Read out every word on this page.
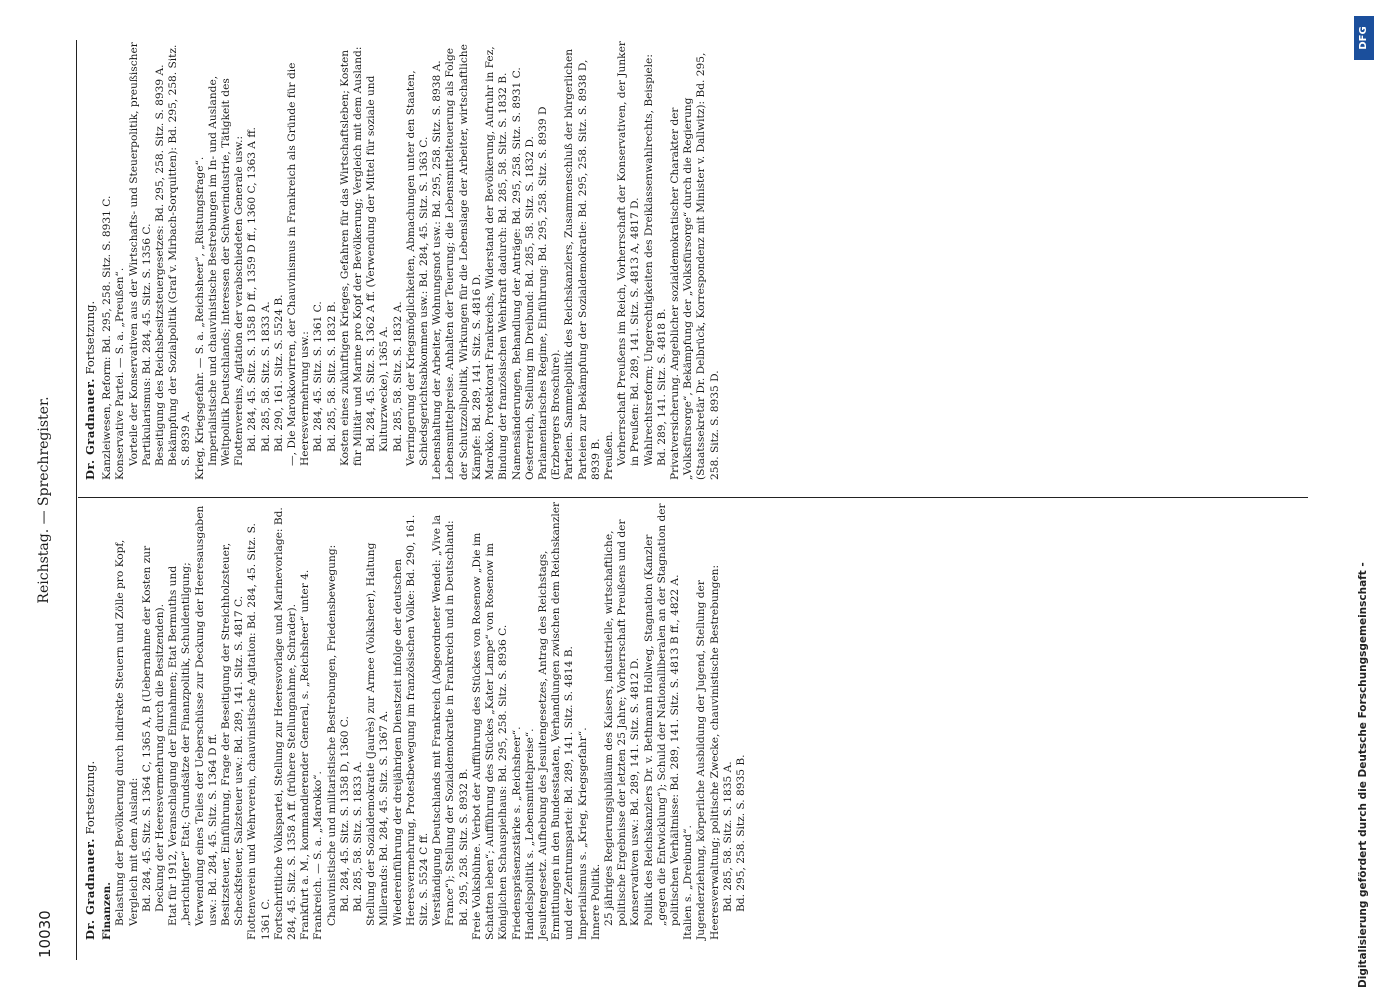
10030
Reichstag. — Sprechregister.
Dr. Gradnauer. Fortsetzung.

Finanzen. Belastung der Bevölkerung durch indirekte Steuern und Zölle pro Kopf, Vergleich mit dem Ausland: Bd. 284, 45. Sitz. S. 1364 C, 1365 A, B (Uebernahme der Kosten zur Deckung der Heeresvermehrung durch die Besitzenden). Etat für 1912, Veranschlagung der Einnahmen; Etat Bermuths und „berichtigter“ Etat; Grundsätze der Finanzpolitik, Schuldentilgung; Verwendung eines Teiles der Ueberschüsse zur Deckung der Heeresausgaben usw.: Bd. 284, 45. Sitz. S. 1364 D ff. Besitzsteuer, Einführung, Frage der Beseitigung der Streichholzsteuer, Scheckfsteuer, Salzsteuer usw.: Bd. 289, 141. Sitz. S. 4817 C. Flottenverein und Wehrverein, chauvinistische Agitation: Bd. 284, 45. Sitz. S. 1361 C. Fortschrittliche Volkspartei, Stellung zur Heeresvorlage und Marinevorlage: Bd. 284, 45. Sitz. S. 1358 A ff. (frühere Stellungnahme, Schrader). Frankfurt a. M., kommandierender General, s. „Reichsheer“ unter 4. Frankreich. — S. a. „Marokko“. Chauvinistische und militaristische Bestrebungen, Friedensbewegung: Bd. 284, 45. Sitz. S. 1358 D, 1360 C. Bd. 285, 58. Sitz. S. 1833 A. Stellung der Sozialdemokratie (Jaurès) zur Armee (Volksheer), Haltung Millerands: Bd. 284, 45. Sitz. S. 1367 A. Wiedereinführung der dreijährigen Dienstzeit infolge der deutschen Heeresvermehrung, Protestbewegung im französischen Volke: Bd. 290, 161. Sitz. S. 5524 C ff. Verständigung Deutschlands mit Frankreich (Abgeordneter Wendel: „Vive la France“); Stellung der Sozialdemokratie in Frankreich und in Deutschland: Bd. 295, 258. Sitz. S. 8932 B. Freie Volksbühne. Verbot der Aufführung des Stückes von Rosenow „Die im Schatten leben“; Aufführung des Stückes „Kater Lampe“ von Rosenow im Königlichen Schauspielhaus: Bd. 295, 258. Sitz. S. 8936 C. Friedenspräsenzstärke s. „Reichsheer“. Handelspolitik s. „Lebensmittelpreise“. Jesuitengesetz. Aufhebung des Jesuitengesetzes, Antrag des Reichstags, Ermittlungen in den Bundesstaaten, Verhandlungen zwischen dem Reichskanzler und der Zentrumspartei: Bd. 289, 141. Sitz. S. 4814 B. Imperialismus s. „Krieg, Kriegsgefahr“. Innere Politik. 25 jähriges Regierungsjubiläum des Kaisers, industrielle, wirtschaftliche, politische Ergebnisse der letzten 25 Jahre; Vorherrschaft Preußens und der Konservativen usw.: Bd. 289, 141. Sitz. S. 4812 D. Politik des Reichskanzlers Dr. v. Bethmann Hollweg, Stagnation (Kanzler „gegen die Entwicklung“); Schuld der Nationalliberalen an der Stagnation der politischen Verhältnisse: Bd. 289, 141. Sitz. S. 4813 B ff., 4822 A. Italien s. „Dreibund“. Jugenderziehung, körperliche Ausbildung der Jugend, Stellung der Heeresverwaltung; politische Zwecke, chauvinistische Bestrebungen: Bd. 285, 58. Sitz. S. 1835 A. Bd. 295, 258. Sitz. S. 8935 B.

Dr. Gradnauer. Fortsetzung. Kanzleiwesen, Reform: Bd. 295, 258. Sitz. S. 8931 C. Konservative Partei. — S. a. „Preußen“. Vorteile der Konservativen aus der Wirtschafts- und Steuerpolitik, preußischer Partikularismus: Bd. 284, 45. Sitz. S. 1356 C. Beseitigung des Reichsbesitzsteuergesetzes: Bd. 295, 258. Sitz. S. 8939 A. Bekämpfung der Sozialpolitik (Graf v. Mirbach-Sorquitten): Bd. 295, 258. Sitz. S. 8939 A. Krieg, Kriegsgefahr. — S. a. „Reichsheer“, „Rüstungsfrage“. Imperialistische und chauvinistische Bestrebungen im In- und Auslande, Weltpolitik Deutschlands; Interessen der Schwerindustrie, Tätigkeit des Flottenvereins, Agitation der verabschiedeten Generale usw.: Bd. 284, 45. Sitz. S. 1358 D ff., 1359 D ff., 1360 C, 1363 A ff. Bd. 285, 58. Sitz. S. 1833 A. Bd. 290, 161. Sitz. S. 5524 B. —, Die Marokkowirren, der Chauvinismus in Frankreich als Gründe für die Heeresvermehrung usw.: Bd. 284, 45. Sitz. S. 1361 C. Bd. 285, 58. Sitz. S. 1832 B. Kosten eines zukünftigen Krieges, Gefahren für das Wirtschaftsleben; Kosten für Militär und Marine pro Kopf der Bevölkerung; Vergleich mit dem Ausland: Bd. 284, 45. Sitz. S. 1362 A ff. (Verwendung der Mittel für soziale und Kulturzwecke), 1365 A. Bd. 285, 58. Sitz. S. 1832 A. Verringerung der Kriegsmöglichkeiten, Abmachungen unter den Staaten, Schiedsgerichtsabkommen usw.: Bd. 284, 45. Sitz. S. 1363 C. Lebenshaltung der Arbeiter, Wohnungsnot usw.: Bd. 295, 258. Sitz. S. 8938 A. Lebensmittelpreise. Anhalten der Teuerung; die Lebensmittelteuerung als Folge der Schutzzollpolitik, Wirkungen für die Lebenslage der Arbeiter, wirtschaftliche Kämpfe: Bd. 289, 141. Sitz. S. 4816 D. Marokko. Protektorat Frankreichs, Widerstand der Bevölkerung, Aufruhr in Fez, Bindung der französischen Wehrkraft dadurch: Bd. 285, 58. Sitz. S. 1832 B. Namensänderungen, Behandlung der Anträge: Bd. 295, 258. Sitz. S. 8931 C. Oesterreich, Stellung im Dreibund: Bd. 285, 58. Sitz. S. 1832 D. Parlamentarisches Regime, Einführung: Bd. 295, 258. Sitz. S. 8939 D (Erzbergers Broschüre). Parteien. Sammelpolitik des Reichskanzlers, Zusammenschluß der bürgerlichen Parteien zur Bekämpfung der Sozialdemokratie: Bd. 295, 258. Sitz. S. 8938 D, 8939 B. Preußen. Vorherrschaft Preußens im Reich, Vorherrschaft der Konservativen, der Junker in Preußen: Bd. 289, 141. Sitz. S. 4813 A, 4817 D. Wahlrechtsreform; Ungerechtigkeiten des Dreiklassenwahlrechts, Beispiele: Bd. 289, 141. Sitz. S. 4818 B. Privatversicherung. Angeblicher sozialdemokratischer Charakter der „Volksfürsorge“, Bekämpfung der „Volksfürsorge“ durch die Regierung (Staatssekretär Dr. Delbrück, Korrespondenz mit Minister v. Dallwitz): Bd. 295, 258. Sitz. S. 8935 D.

Digitalisierung gefördert durch die Deutsche Forschungsgemeinschaft -
DFG
